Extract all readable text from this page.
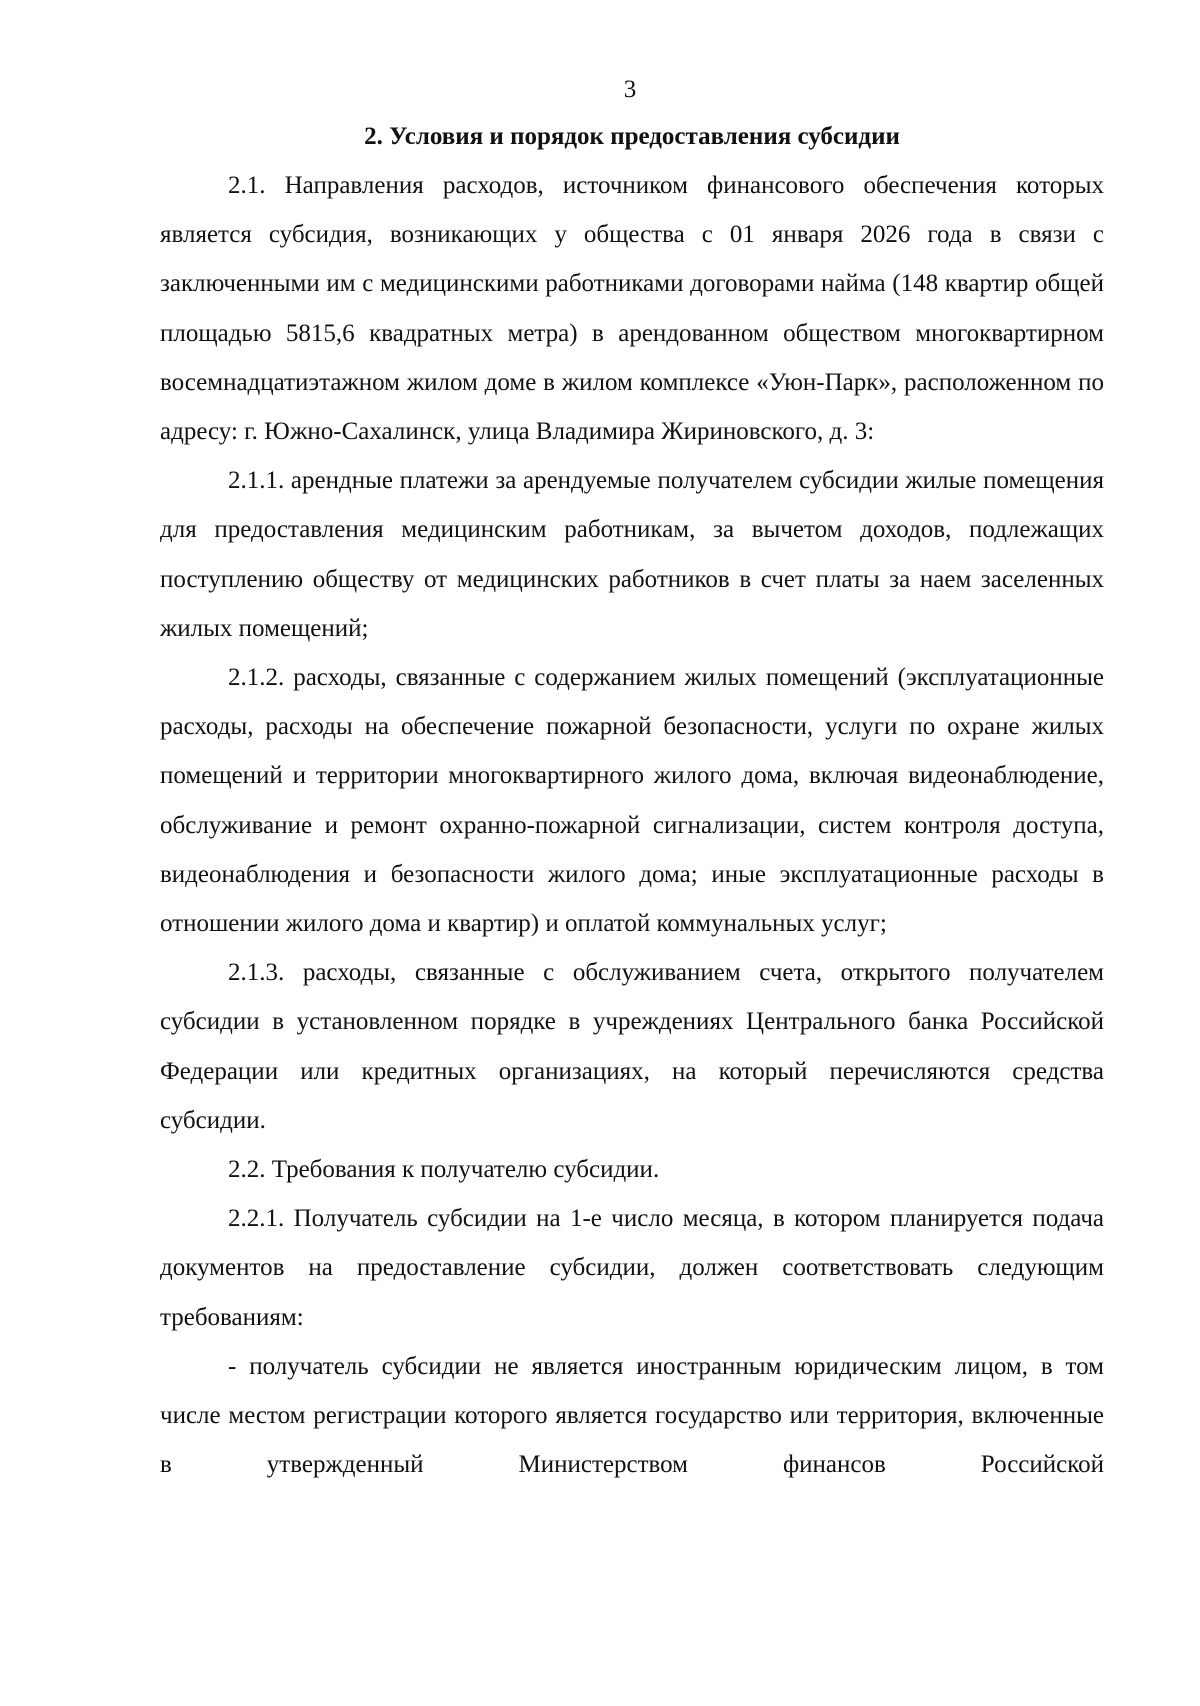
3
2. Условия и порядок предоставления субсидии

2.1. Направления расходов, источником финансового обеспечения которых является субсидия, возникающих у общества с 01 января 2026 года в связи с заключенными им с медицинскими работниками договорами найма (148 квартир общей площадью 5815,6 квадратных метра) в арендованном обществом многоквартирном восемнадцатиэтажном жилом доме в жилом комплексе «Уюн-Парк», расположенном по адресу: г. Южно-Сахалинск, улица Владимира Жириновского, д. 3:

2.1.1. арендные платежи за арендуемые получателем субсидии жилые помещения для предоставления медицинским работникам, за вычетом доходов, подлежащих поступлению обществу от медицинских работников в счет платы за наем заселенных жилых помещений;

2.1.2. расходы, связанные с содержанием жилых помещений (эксплуатационные расходы, расходы на обеспечение пожарной безопасности, услуги по охране жилых помещений и территории многоквартирного жилого дома, включая видеонаблюдение, обслуживание и ремонт охранно-пожарной сигнализации, систем контроля доступа, видеонаблюдения и безопасности жилого дома; иные эксплуатационные расходы в отношении жилого дома и квартир) и оплатой коммунальных услуг;

2.1.3. расходы, связанные с обслуживанием счета, открытого получателем субсидии в установленном порядке в учреждениях Центрального банка Российской Федерации или кредитных организациях, на который перечисляются средства субсидии.

2.2. Требования к получателю субсидии.

2.2.1. Получатель субсидии на 1-е число месяца, в котором планируется подача документов на предоставление субсидии, должен соответствовать следующим требованиям:

- получатель субсидии не является иностранным юридическим лицом, в том числе местом регистрации которого является государство или территория, включенные в утвержденный Министерством финансов Российской
